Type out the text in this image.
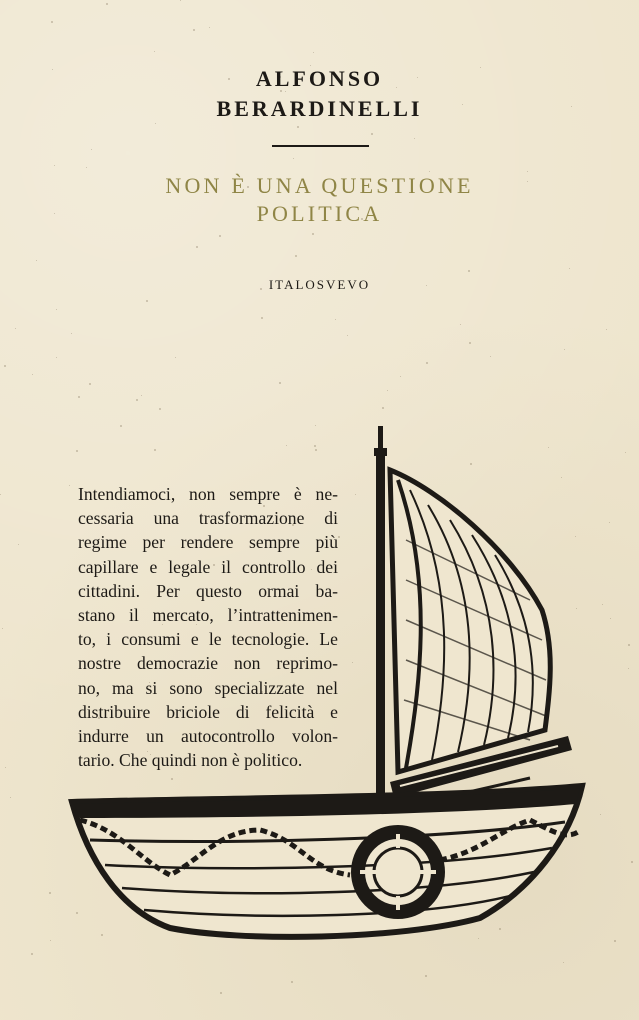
ALFONSO
BERARDINELLI
NON È UNA QUESTIONE
POLITICA
ITALOSVEVO
Intendiamoci, non sempre è ne-
cessaria una trasformazione di
regime per rendere sempre più
capillare e legale il controllo dei
cittadini. Per questo ormai ba-
stano il mercato, l’intrattenimen-
to, i consumi e le tecnologie. Le
nostre democrazie non reprimo-
no, ma si sono specializzate nel
distribuire briciole di felicità e
indurre un autocontrollo volon-
tario. Che quindi non è politico.
